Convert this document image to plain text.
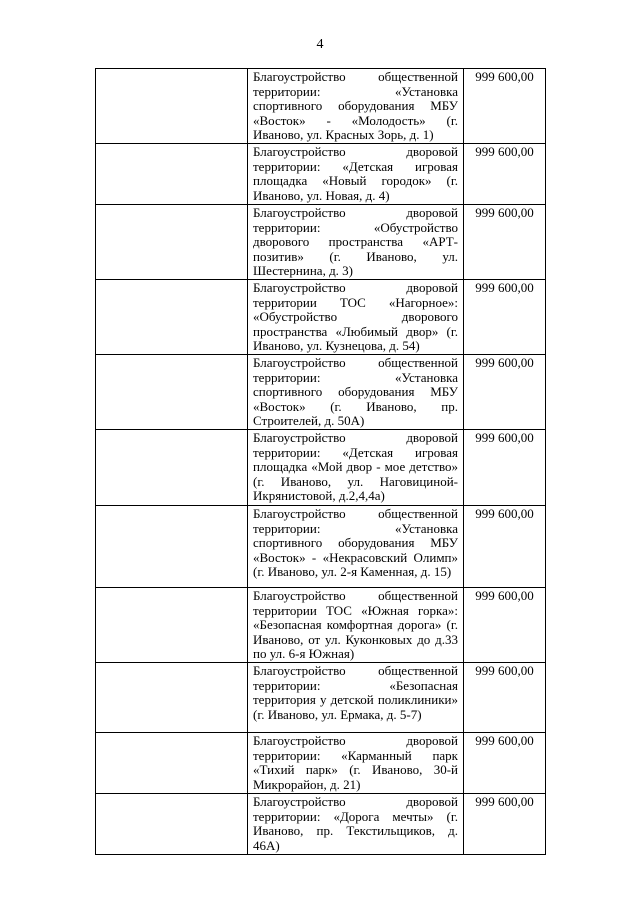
4
	Благоустройство общественной территории: «Установка спортивного оборудования МБУ «Восток» - «Молодость» (г. Иваново, ул. Красных Зорь, д. 1)	999 600,00
	Благоустройство дворовой территории: «Детская игровая площадка «Новый городок» (г. Иваново, ул. Новая, д. 4)	999 600,00
	Благоустройство дворовой территории: «Обустройство дворового пространства «АРТ-позитив» (г. Иваново, ул. Шестернина, д. 3)	999 600,00
	Благоустройство дворовой территории ТОС «Нагорное»: «Обустройство дворового пространства «Любимый двор» (г. Иваново, ул. Кузнецова, д. 54)	999 600,00
	Благоустройство общественной территории: «Установка спортивного оборудования МБУ «Восток» (г. Иваново, пр. Строителей, д. 50А)	999 600,00
	Благоустройство дворовой территории: «Детская игровая площадка «Мой двор - мое детство» (г. Иваново, ул. Наговициной-Икрянистовой, д.2,4,4а)	999 600,00
	Благоустройство общественной территории: «Установка спортивного оборудования МБУ «Восток» - «Некрасовский Олимп» (г. Иваново, ул. 2-я Каменная, д. 15)	999 600,00
	Благоустройство общественной территории ТОС «Южная горка»: «Безопасная комфортная дорога» (г. Иваново, от ул. Куконковых до д.33 по ул. 6-я Южная)	999 600,00
	Благоустройство общественной территории: «Безопасная территория у детской поликлиники» (г. Иваново, ул. Ермака, д. 5-7)	999 600,00
	Благоустройство дворовой территории: «Карманный парк «Тихий парк» (г. Иваново, 30-й Микрорайон, д. 21)	999 600,00
	Благоустройство дворовой территории: «Дорога мечты» (г. Иваново, пр. Текстильщиков, д. 46А)	999 600,00
